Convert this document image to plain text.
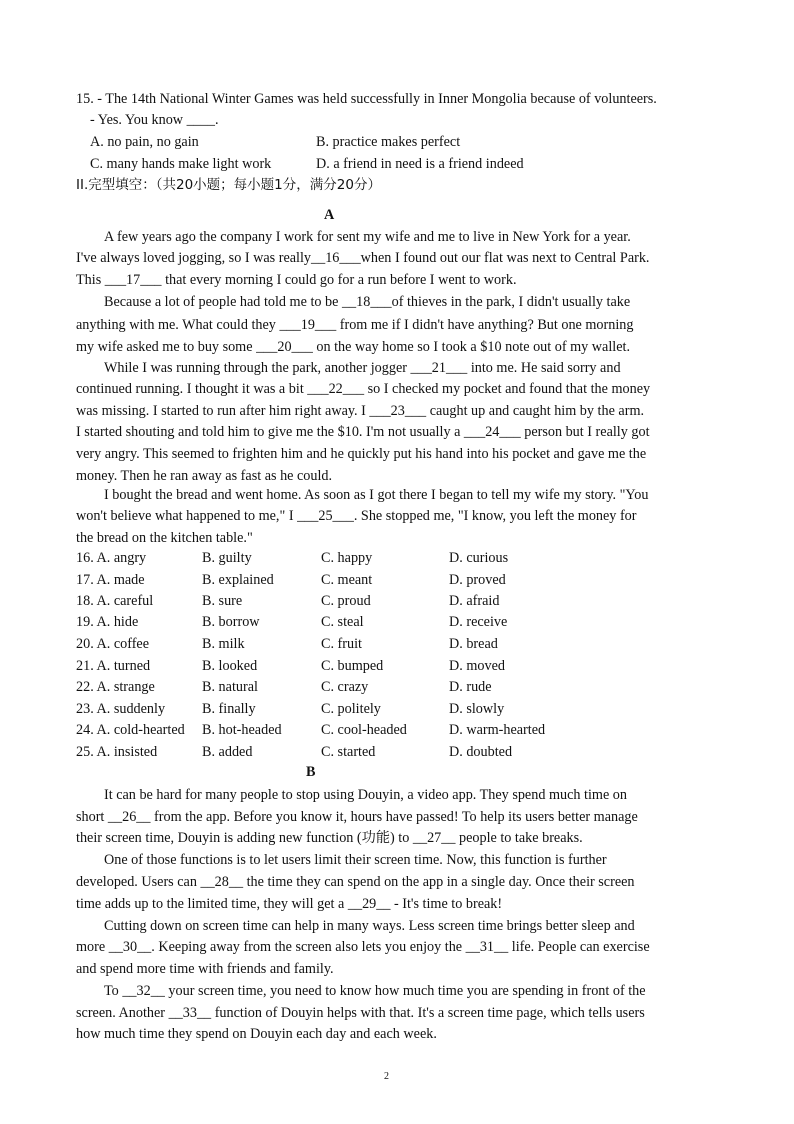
15. - The 14th National Winter Games was held successfully in Inner Mongolia because of volunteers.
- Yes. You know ____.
A. no pain, no gain	B. practice makes perfect
C. many hands make light work	D. a friend in need is a friend indeed
II.完型填空：（共20小题；每小题1分，满分20分）
A
A few years ago the company I work for sent my wife and me to live in New York for a year.
I've always loved jogging, so I was really__16___when I found out our flat was next to Central Park.
This ___17___ that every morning I could go for a run before I went to work.
Because a lot of people had told me to be __18___of thieves in the park, I didn't usually take
anything with me. What could they ___19___ from me if I didn't have anything? But one morning
my wife asked me to buy some ___20___ on the way home so I took a $10 note out of my wallet.
While I was running through the park, another jogger ___21___ into me. He said sorry and
continued running. I thought it was a bit ___22___ so I checked my pocket and found that the money
was missing. I started to run after him right away. I ___23___ caught up and caught him by the arm.
I started shouting and told him to give me the $10. I'm not usually a ___24___ person but I really got
very angry. This seemed to frighten him and he quickly put his hand into his pocket and gave me the
money. Then he ran away as fast as he could.
I bought the bread and went home. As soon as I got there I began to tell my wife my story. "You
won't believe what happened to me," I ___25___. She stopped me, "I know, you left the money for
the bread on the kitchen table."
16. A. angry	B. guilty	C. happy	D. curious
17. A. made	B. explained	C. meant	D. proved
18. A. careful	B. sure	C. proud	D. afraid
19. A. hide	B. borrow	C. steal	D. receive
20. A. coffee	B. milk	C. fruit	D. bread
21. A. turned	B. looked	C. bumped	D. moved
22. A. strange	B. natural	C. crazy	D. rude
23. A. suddenly	B. finally	C. politely	D. slowly
24. A. cold-hearted B. hot-headed	C. cool-headed	D. warm-hearted
25. A. insisted	B. added	C. started	D. doubted
B
It can be hard for many people to stop using Douyin, a video app. They spend much time on
short __26__ from the app. Before you know it, hours have passed! To help its users better manage
their screen time, Douyin is adding new function (功能) to __27__ people to take breaks.
One of those functions is to let users limit their screen time. Now, this function is further
developed. Users can __28__ the time they can spend on the app in a single day. Once their screen
time adds up to the limited time, they will get a __29__ - It's time to break!
Cutting down on screen time can help in many ways. Less screen time brings better sleep and
more __30__. Keeping away from the screen also lets you enjoy the __31__ life. People can exercise
and spend more time with friends and family.
To __32__ your screen time, you need to know how much time you are spending in front of the
screen. Another __33__ function of Douyin helps with that. It's a screen time page, which tells users
how much time they spend on Douyin each day and each week.
2
